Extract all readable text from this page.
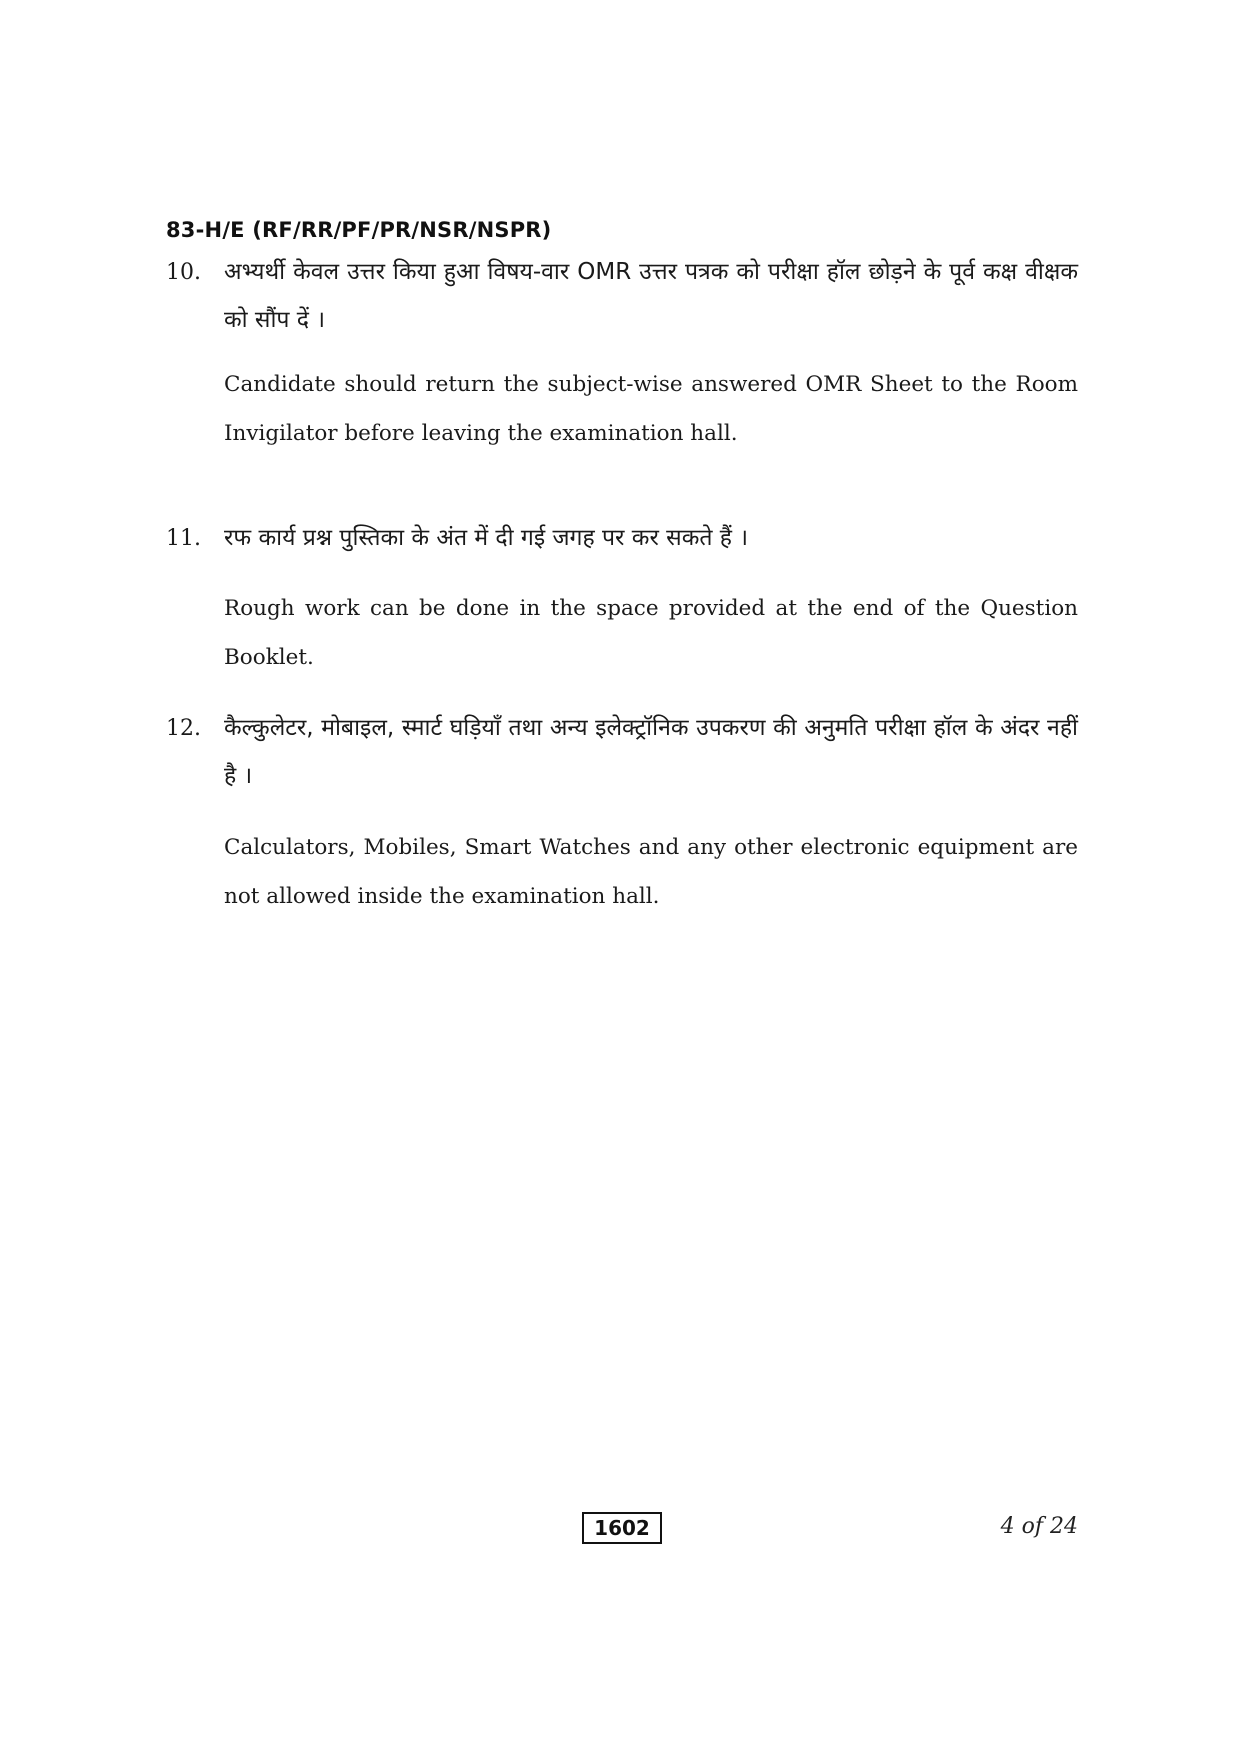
83-H/E (RF/RR/PF/PR/NSR/NSPR)
10. अभ्यर्थी केवल उत्तर किया हुआ विषय-वार OMR उत्तर पत्रक को परीक्षा हॉल छोड़ने के पूर्व कक्ष वीक्षक को सौंप दें ।
Candidate should return the subject-wise answered OMR Sheet to the Room Invigilator before leaving the examination hall.
11. रफ कार्य प्रश्न पुस्तिका के अंत में दी गई जगह पर कर सकते हैं ।
Rough work can be done in the space provided at the end of the Question Booklet.
12. कैल्कुलेटर, मोबाइल, स्मार्ट घड़ियाँ तथा अन्य इलेक्ट्रॉनिक उपकरण की अनुमति परीक्षा हॉल के अंदर नहीं है ।
Calculators, Mobiles, Smart Watches and any other electronic equipment are not allowed inside the examination hall.
1602	4 of 24
